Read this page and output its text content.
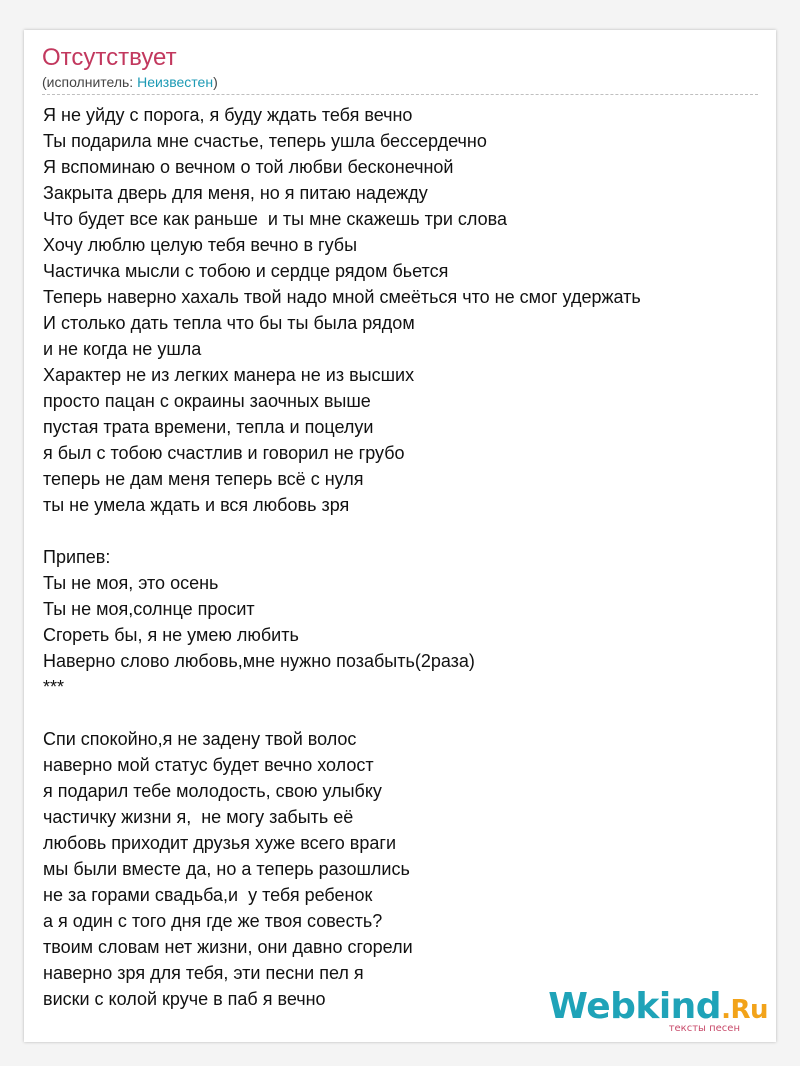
Отсутствует
(исполнитель: Неизвестен)
Я не уйду с порога, я буду ждать тебя вечно
Ты подарила мне счастье, теперь ушла бессердечно
Я вспоминаю о вечном о той любви бесконечной
Закрыта дверь для меня, но я питаю надежду
Что будет все как раньше  и ты мне скажешь три слова
Хочу люблю целую тебя вечно в губы
Частичка мысли с тобою и сердце рядом бьется
Теперь наверно хахаль твой надо мной смеёться что не смог удержать
И столько дать тепла что бы ты была рядом
и не когда не ушла
Характер не из легких манера не из высших
просто пацан с окраины заочных выше
пустая трата времени, тепла и поцелуи
я был с тобою счастлив и говорил не грубо
теперь не дам меня теперь всё с нуля
ты не умела ждать и вся любовь зря
Припев:
Ты не моя, это осень
Ты не моя,солнце просит
Сгореть бы, я не умею любить
Наверно слово любовь,мне нужно позабыть(2раза)
***
Спи спокойно,я не задену твой волос
наверно мой статус будет вечно холост
я подарил тебе молодость, свою улыбку
частичку жизни я,  не могу забыть её
любовь приходит друзья хуже всего враги
мы были вместе да, но а теперь разошлись
не за горами свадьба,и  у тебя ребенок
а я один с того дня где же твоя совесть?
твоим словам нет жизни, они давно сгорели
наверно зря для тебя, эти песни пел я
виски с колой круче в паб я вечно	Webkind.Ru
тексты песен
